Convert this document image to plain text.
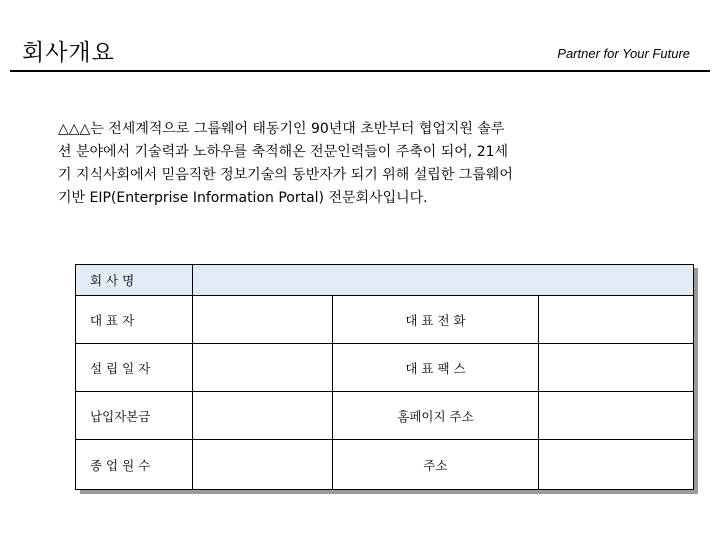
회사개요	Partner for Your Future
△△△는 전세계적으로 그룹웨어 태동기인 90년대 초반부터 협업지원 솔루
션 분야에서 기술력과 노하우를 축적해온 전문인력들이 주축이 되어, 21세
기 지식사회에서 믿음직한 정보기술의 동반자가 되기 위해 설립한 그룹웨어
기반 EIP(Enterprise Information Portal) 전문회사입니다.
회 사 명			
대 표 자		대 표 전 화	
설 립 일 자		대 표 팩 스	
납입자본금		홈페이지 주소	
종 업 원 수		주소	
